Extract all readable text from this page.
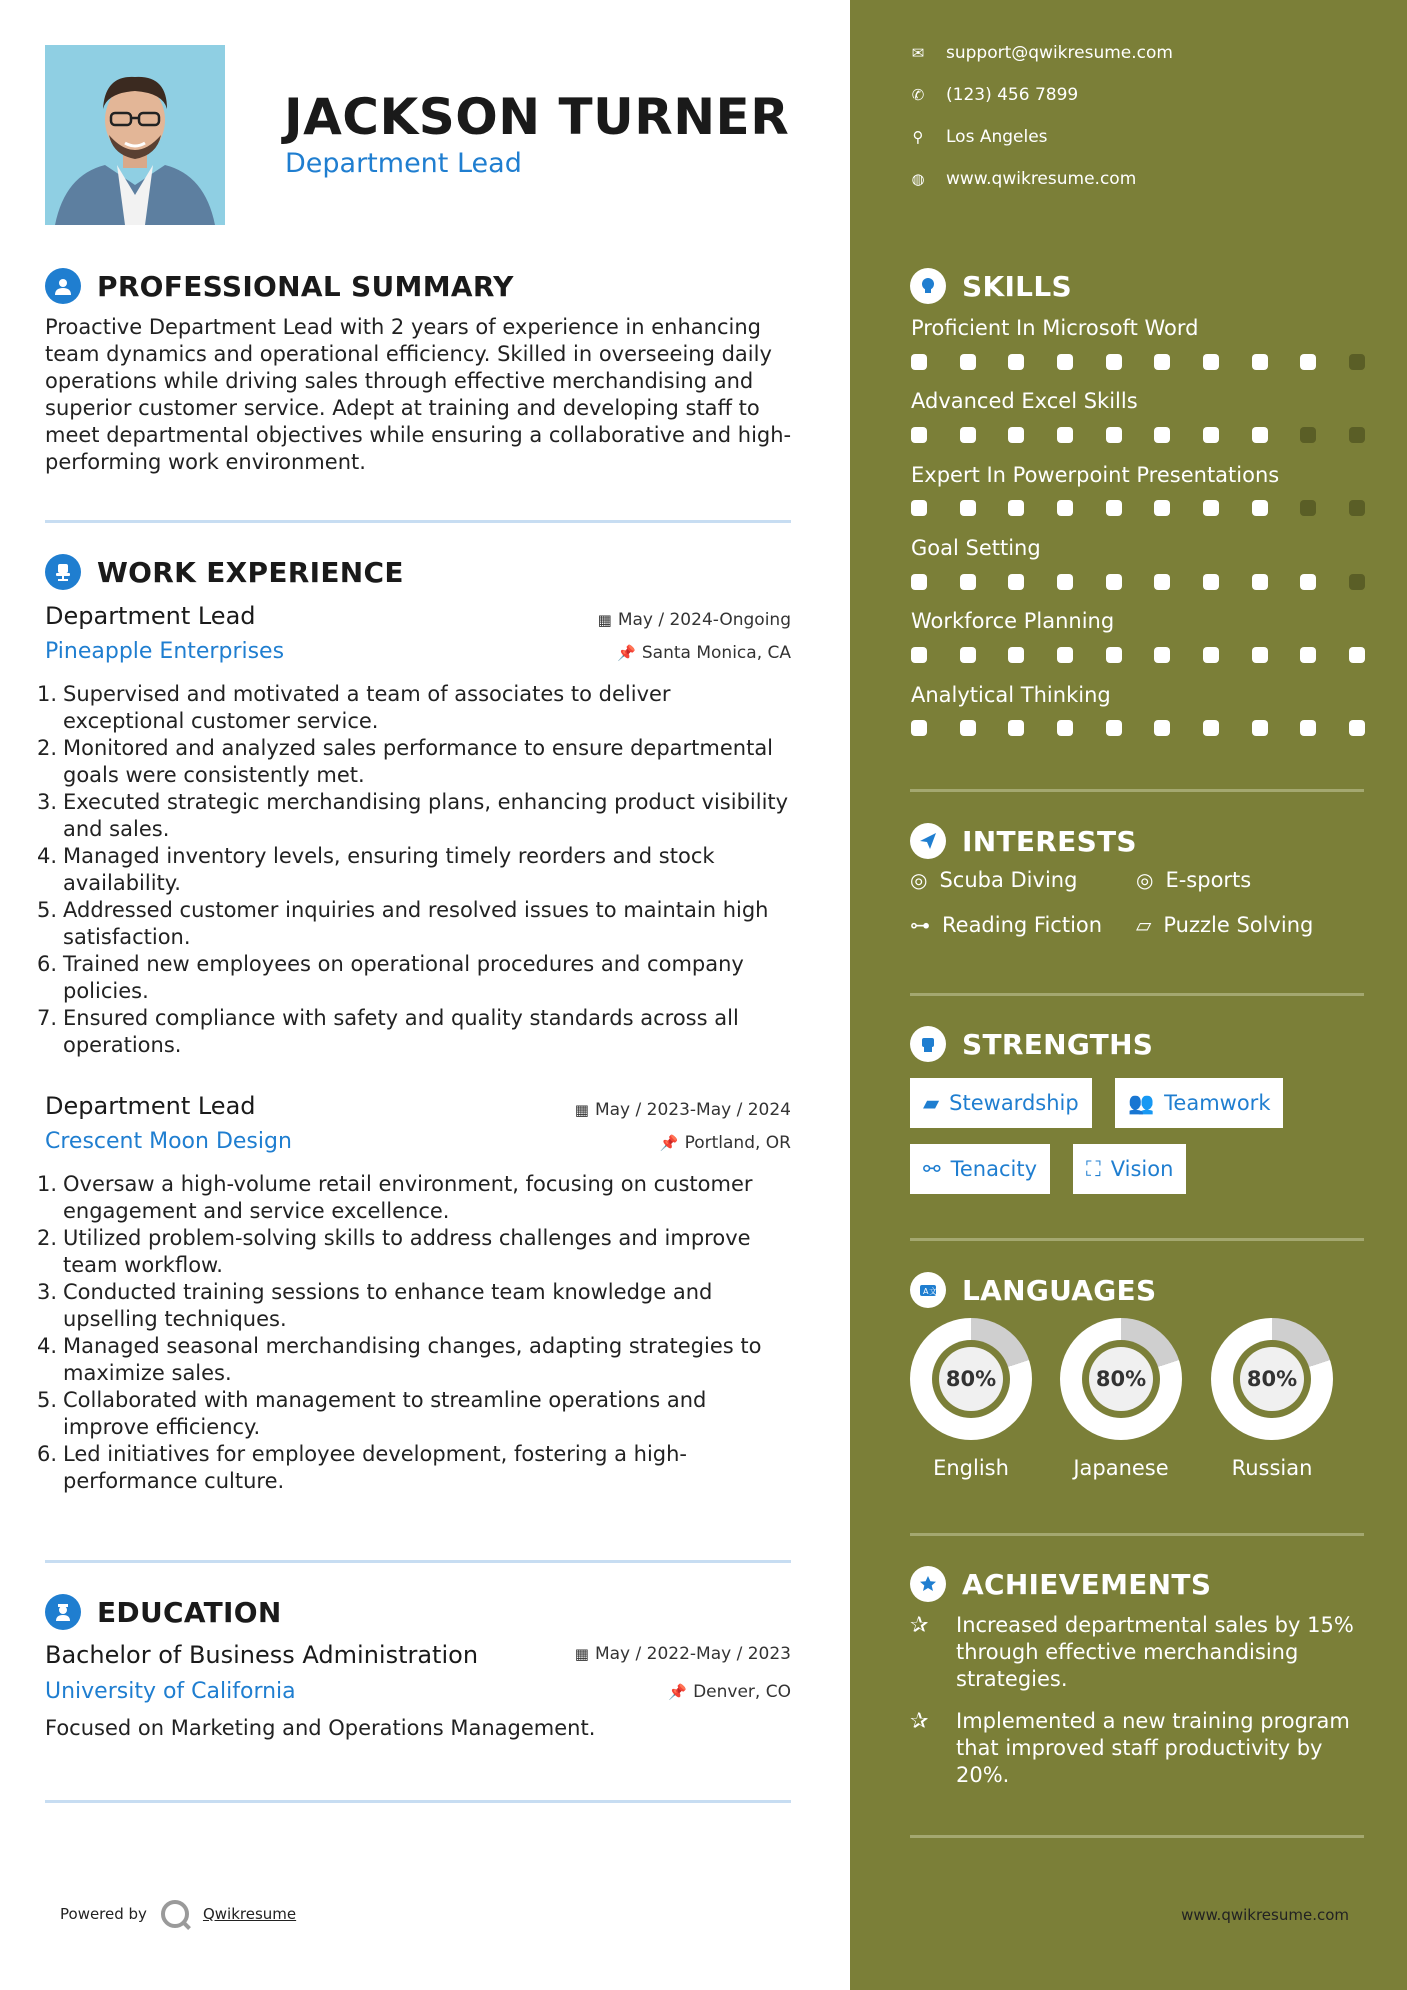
JACKSON TURNER
Department Lead
PROFESSIONAL SUMMARY
Proactive Department Lead with 2 years of experience in enhancing team dynamics and operational efficiency. Skilled in overseeing daily operations while driving sales through effective merchandising and superior customer service. Adept at training and developing staff to meet departmental objectives while ensuring a collaborative and high-performing work environment.
WORK EXPERIENCE
Department Lead	▦ May / 2024-Ongoing
Pineapple Enterprises	📌 Santa Monica, CA
1. Supervised and motivated a team of associates to deliver exceptional customer service.
2. Monitored and analyzed sales performance to ensure departmental goals were consistently met.
3. Executed strategic merchandising plans, enhancing product visibility and sales.
4. Managed inventory levels, ensuring timely reorders and stock availability.
5. Addressed customer inquiries and resolved issues to maintain high satisfaction.
6. Trained new employees on operational procedures and company policies.
7. Ensured compliance with safety and quality standards across all operations.
Department Lead	▦ May / 2023-May / 2024
Crescent Moon Design	📌 Portland, OR
1. Oversaw a high-volume retail environment, focusing on customer engagement and service excellence.
2. Utilized problem-solving skills to address challenges and improve team workflow.
3. Conducted training sessions to enhance team knowledge and upselling techniques.
4. Managed seasonal merchandising changes, adapting strategies to maximize sales.
5. Collaborated with management to streamline operations and improve efficiency.
6. Led initiatives for employee development, fostering a high-performance culture.
EDUCATION
Bachelor of Business Administration	▦ May / 2022-May / 2023
University of California	📌 Denver, CO
Focused on Marketing and Operations Management.
Powered by	Qwikresume
✉ support@qwikresume.com
✆ (123) 456 7899
⚲ Los Angeles
◍ www.qwikresume.com
SKILLS
Proficient In Microsoft Word
Advanced Excel Skills
Expert In Powerpoint Presentations
Goal Setting
Workforce Planning
Analytical Thinking
INTERESTS
◎ Scuba Diving	◎ E-sports
⊶ Reading Fiction ▱ Puzzle Solving
STRENGTHS
▰ Stewardship 👥 Teamwork
⚯ Tenacity ⛶ Vision
A 文 LANGUAGES
80%
English
80%
Japanese
80%
Russian
ACHIEVEMENTS
✰	Increased departmental sales by 15% through effective merchandising strategies.
✰	Implemented a new training program that improved staff productivity by 20%.
www.qwikresume.com
